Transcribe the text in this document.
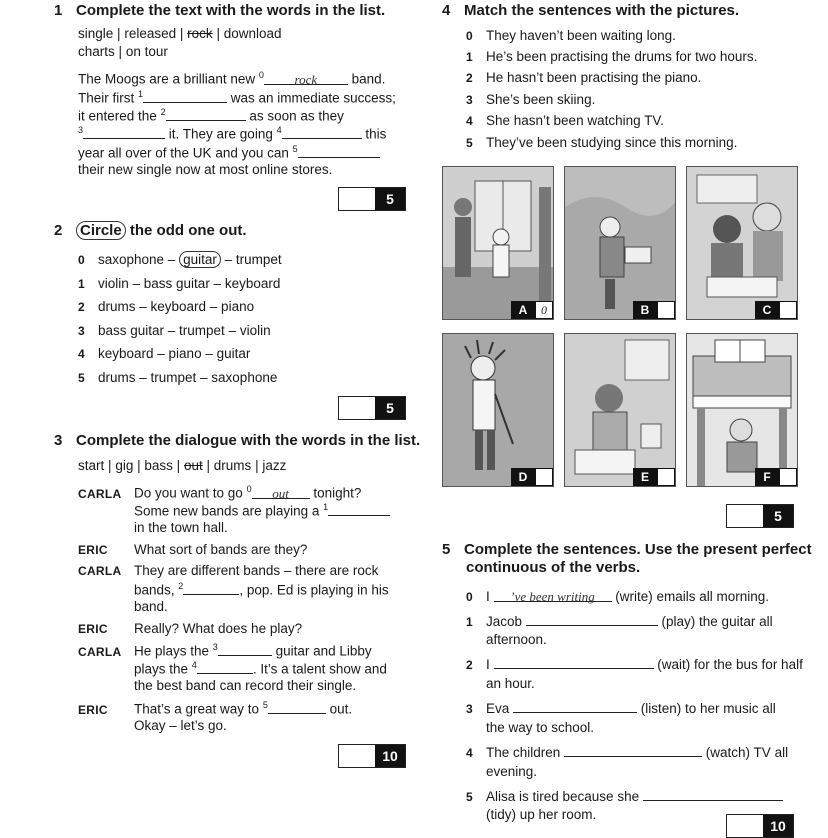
1 Complete the text with the words in the list.
single | released | rock | download
charts | on tour
The Moogs are a brilliant new $^0$ rock band.
Their first $^1$	was an immediate success;
it entered the $^2$	as soon as they
$^3$	it. They are going $^4$	this
year all over of the UK and you can $^5$
their new single now at most online stores.
5
2 Circle the odd one out.
0 saxophone – guitar – trumpet
1 violin – bass guitar – keyboard
2 drums – keyboard – piano
3 bass guitar – trumpet – violin
4 keyboard – piano – guitar
5 drums – trumpet – saxophone
5
3 Complete the dialogue with the words in the list.
start | gig | bass | out | drums | jazz
CARLA Do you want to go $^0$ out tonight?
Some new bands are playing a $^1$
in the town hall.
ERIC What sort of bands are they?
CARLA They are different bands – there are rock
bands, $^2$	, pop. Ed is playing in his
band.
ERIC Really? What does he play?
CARLA He plays the $^3$	guitar and Libby
plays the $^4$	. It’s a talent show and
the best band can record their single.
ERIC That’s a great way to $^5$	out.
Okay – let’s go.
10
4 Match the sentences with the pictures.
0 They haven’t been waiting long.
1 He’s been practising the drums for two hours.
2 He hasn’t been practising the piano.
3 She’s been skiing.
4 She hasn’t been watching TV.
5 They’ve been studying since this morning.
A	0	B	C
D	E	F
5
5 Complete the sentences. Use the present perfect
continuous of the verbs.
0 I ’ve been writing (write) emails all morning.
1 Jacob	(play) the guitar all
afternoon.
2 I	(wait) for the bus for half
an hour.
3 Eva	(listen) to her music all
the way to school.
4 The children	(watch) TV all
evening.
5 Alisa is tired because she
(tidy) up her room.
10
